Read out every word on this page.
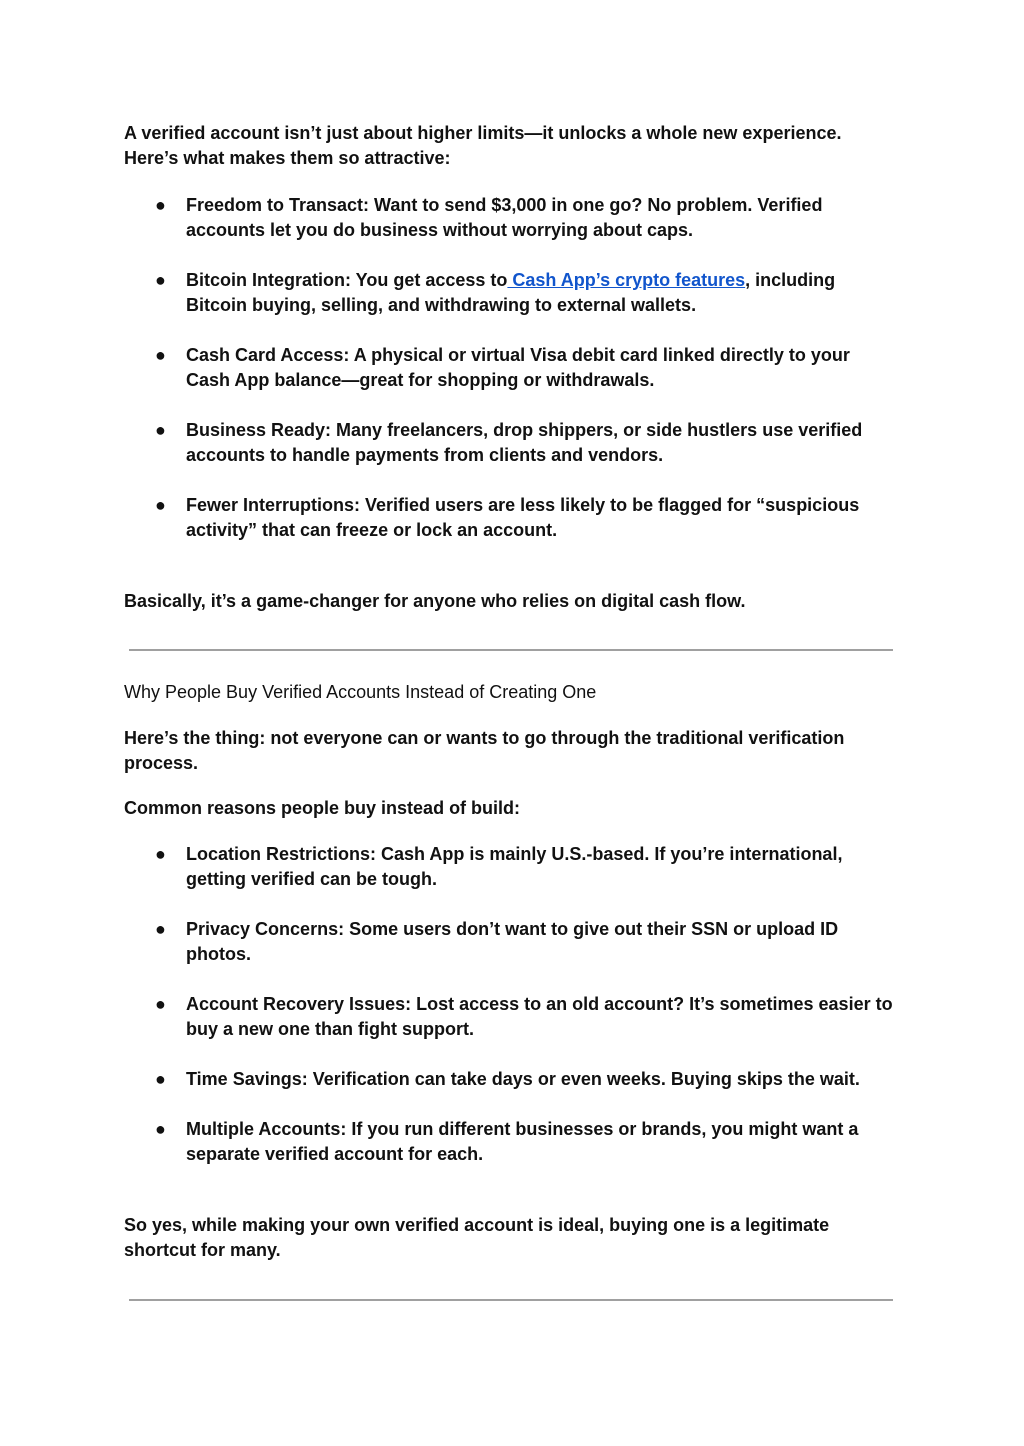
A verified account isn’t just about higher limits—it unlocks a whole new experience. Here’s what makes them so attractive:

● Freedom to Transact: Want to send $3,000 in one go? No problem. Verified accounts let you do business without worrying about caps.
● Bitcoin Integration: You get access to Cash App’s crypto features, including Bitcoin buying, selling, and withdrawing to external wallets.
● Cash Card Access: A physical or virtual Visa debit card linked directly to your Cash App balance—great for shopping or withdrawals.
● Business Ready: Many freelancers, drop shippers, or side hustlers use verified accounts to handle payments from clients and vendors.
● Fewer Interruptions: Verified users are less likely to be flagged for “suspicious activity” that can freeze or lock an account.

Basically, it’s a game-changer for anyone who relies on digital cash flow.

Why People Buy Verified Accounts Instead of Creating One

Here’s the thing: not everyone can or wants to go through the traditional verification process.

Common reasons people buy instead of build:

● Location Restrictions: Cash App is mainly U.S.-based. If you’re international, getting verified can be tough.
● Privacy Concerns: Some users don’t want to give out their SSN or upload ID photos.
● Account Recovery Issues: Lost access to an old account? It’s sometimes easier to buy a new one than fight support.
● Time Savings: Verification can take days or even weeks. Buying skips the wait.
● Multiple Accounts: If you run different businesses or brands, you might want a separate verified account for each.

So yes, while making your own verified account is ideal, buying one is a legitimate shortcut for many.
